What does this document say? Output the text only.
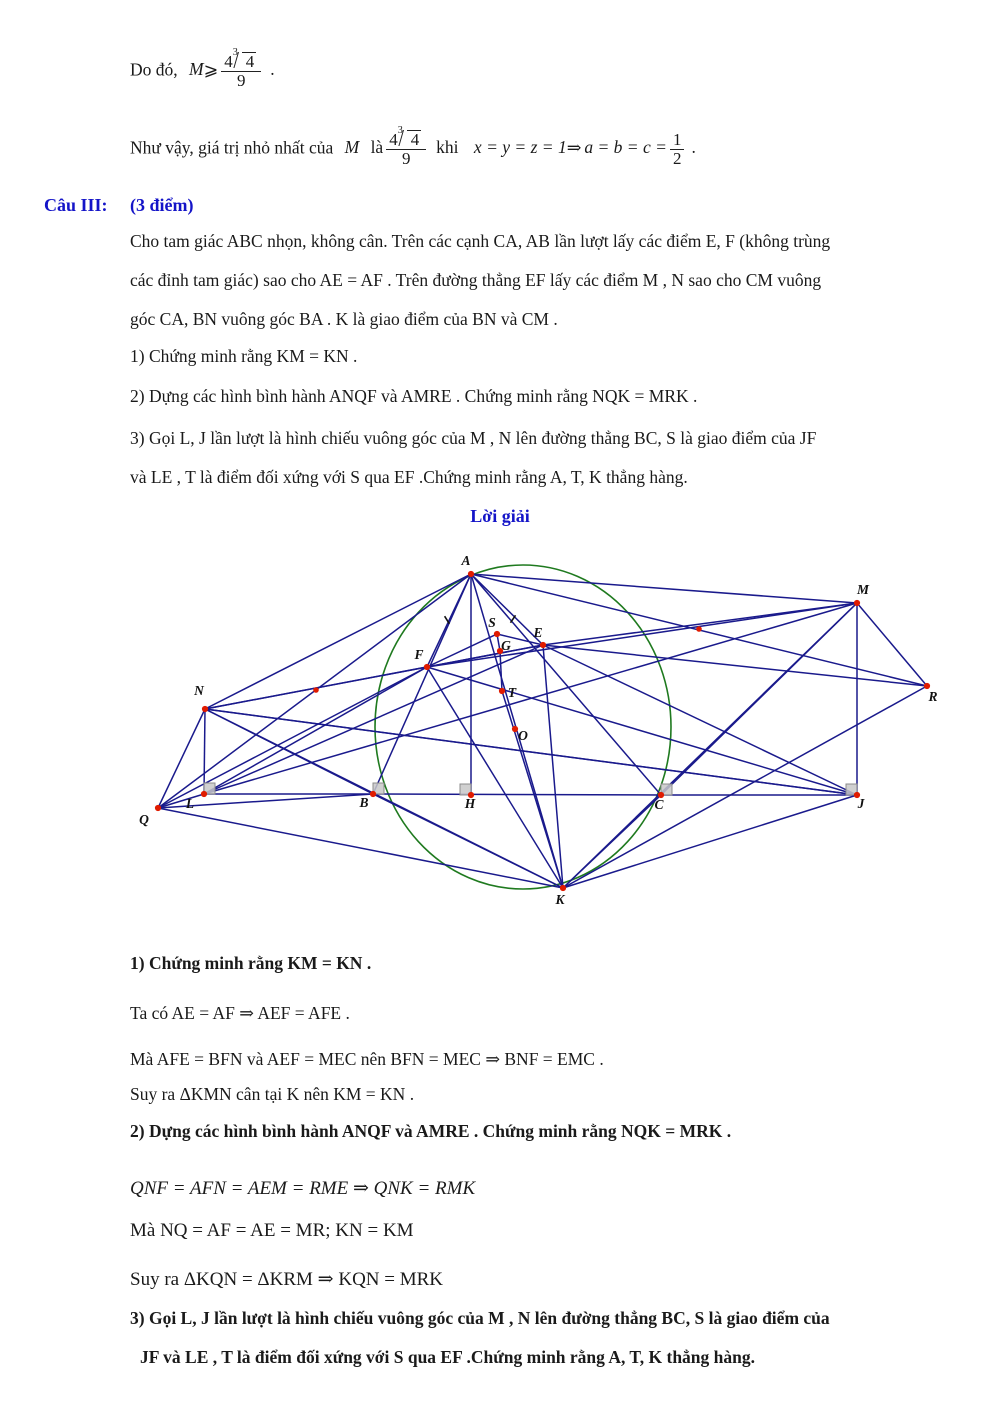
Do đó, M⩾ $\frac{4 3 4}{9}$ .
Như vậy, giá trị nhỏ nhất của M là $\frac{4 3 4}{9}$ khi x = y = z = 1⇒ $a = b = c = \frac{1}{2}$ .
Câu III: (3 điểm)
Cho tam giác ABC nhọn, không cân. Trên các cạnh CA, AB lần lượt lấy các điểm E, F (không trùng
các đỉnh tam giác) sao cho AE = AF . Trên đường thẳng EF lấy các điểm M , N sao cho CM vuông
góc CA, BN vuông góc BA . K là giao điểm của BN và CM .
1) Chứng minh rằng KM = KN .
2) Dựng các hình bình hành ANQF và AMRE . Chứng minh rằng NQK = MRK .
3) Gọi L, J lần lượt là hình chiếu vuông góc của M , N lên đường thẳng BC, S là giao điểm của JF
và LE , T là điểm đối xứng với S qua EF .Chứng minh rằng A, T, K thẳng hàng.
Lời giải
A
M
S
E
F
G
N	T	R
O
L	B	H	C	J
Q
K
1) Chứng minh rằng KM = KN .
Ta có AE = AF ⇒ AEF = AFE .
Mà AFE = BFN và AEF = MEC nên BFN = MEC ⇒ BNF = EMC .
Suy ra ΔKMN cân tại K nên KM = KN .
2) Dựng các hình bình hành ANQF và AMRE . Chứng minh rằng NQK = MRK .
QNF = AFN = AEM = RME ⇒ QNK = RMK
Mà NQ = AF = AE = MR; KN = KM
Suy ra ΔKQN = ΔKRM ⇒ KQN = MRK
3) Gọi L, J lần lượt là hình chiếu vuông góc của M , N lên đường thẳng BC, S là giao điểm của
JF và LE , T là điểm đối xứng với S qua EF .Chứng minh rằng A, T, K thẳng hàng.
